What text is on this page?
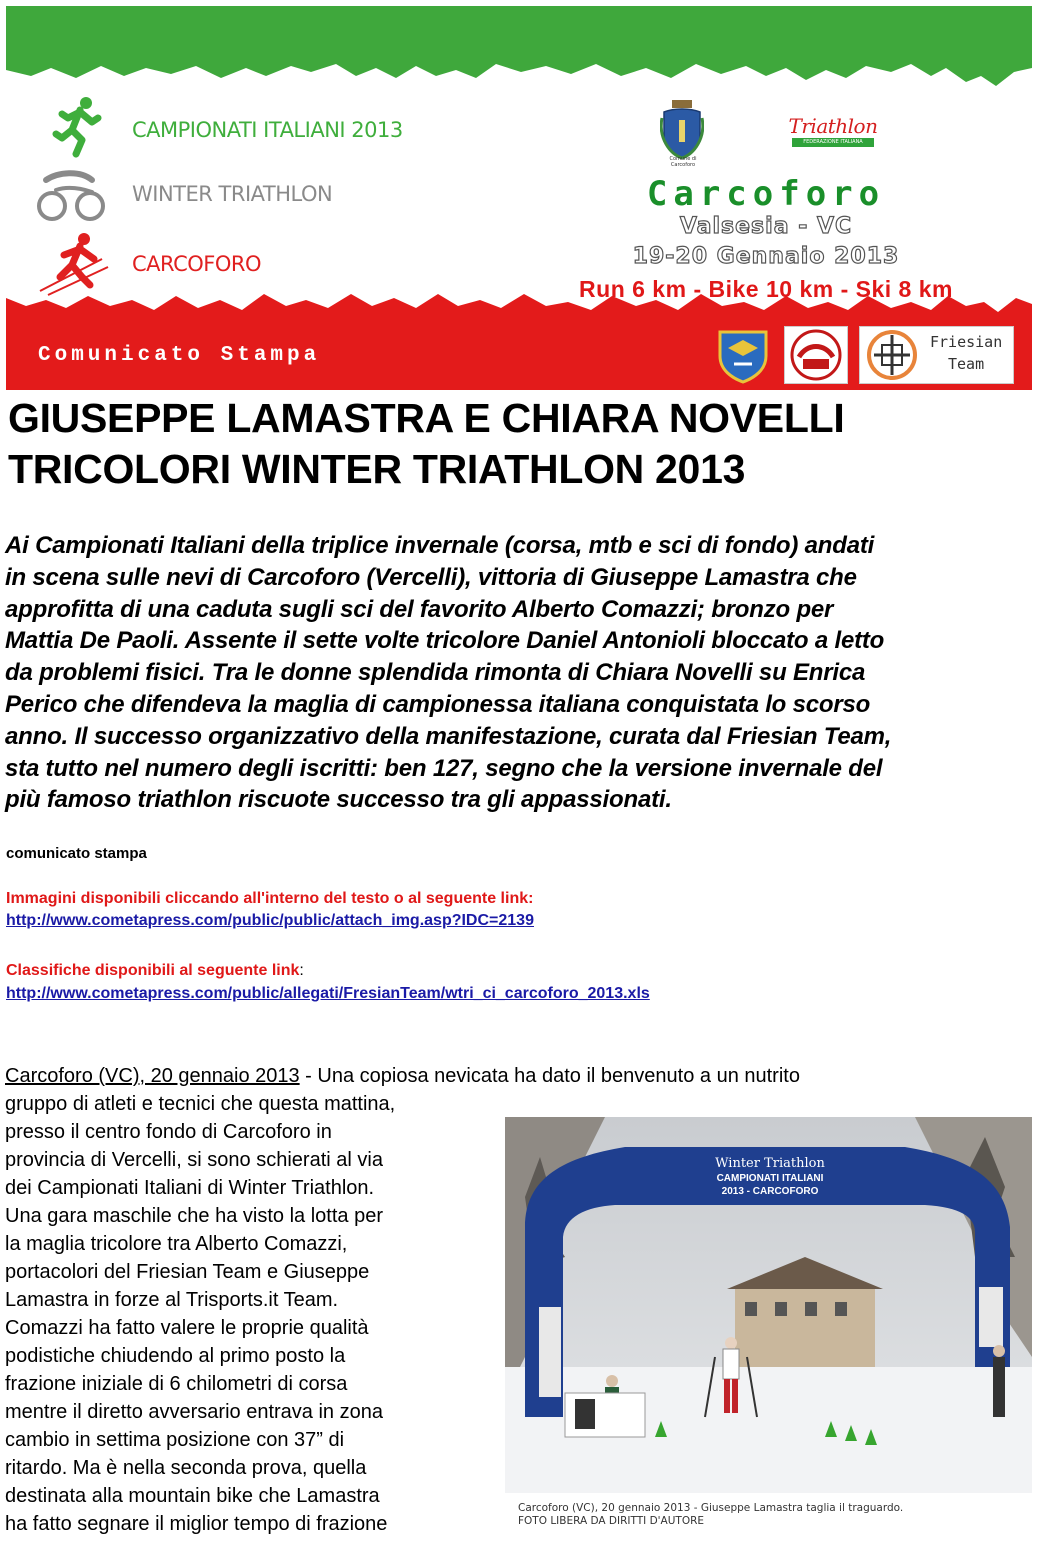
CAMPIONATI ITALIANI 2013
WINTER TRIATHLON
CARCOFORO
Comune di Carcoforo
Triathlon
FEDERAZIONE ITALIANA
Carcoforo
Valsesia - VC
19-20 Gennaio 2013
Run 6 km - Bike 10 km - Ski 8 km
Comunicato Stampa
Friesian
Team
GIUSEPPE LAMASTRA E CHIARA NOVELLI
TRICOLORI WINTER TRIATHLON 2013
Ai Campionati Italiani della triplice invernale (corsa, mtb e sci di fondo) andati
in scena sulle nevi di Carcoforo (Vercelli), vittoria di Giuseppe Lamastra che
approfitta di una caduta sugli sci del favorito Alberto Comazzi; bronzo per
Mattia De Paoli. Assente il sette volte tricolore Daniel Antonioli bloccato a letto
da problemi fisici. Tra le donne splendida rimonta di Chiara Novelli su Enrica
Perico che difendeva la maglia di campionessa italiana conquistata lo scorso
anno. Il successo organizzativo della manifestazione, curata dal Friesian Team,
sta tutto nel numero degli iscritti: ben 127, segno che la versione invernale del
più famoso triathlon riscuote successo tra gli appassionati.
comunicato stampa
Immagini disponibili cliccando all'interno del testo o al seguente link:
http://www.cometapress.com/public/public/attach_img.asp?IDC=2139
Classifiche disponibili al seguente link:
http://www.cometapress.com/public/allegati/FresianTeam/wtri_ci_carcoforo_2013.xls
Carcoforo (VC), 20 gennaio 2013 - Una copiosa nevicata ha dato il benvenuto a un nutrito
gruppo di atleti e tecnici che questa mattina,
presso il centro fondo di Carcoforo in
provincia di Vercelli, si sono schierati al via
dei Campionati Italiani di Winter Triathlon.
Una gara maschile che ha visto la lotta per
la maglia tricolore tra Alberto Comazzi,
portacolori del Friesian Team e Giuseppe
Lamastra in forze al Trisports.it Team.
Comazzi ha fatto valere le proprie qualità
podistiche chiudendo al primo posto la
frazione iniziale di 6 chilometri di corsa
mentre il diretto avversario entrava in zona
cambio in settima posizione con 37” di
ritardo. Ma è nella seconda prova, quella
destinata alla mountain bike che Lamastra
ha fatto segnare il miglior tempo di frazione
Winter Triathlon
CAMPIONATI ITALIANI
2013 - CARCOFORO
Carcoforo (VC), 20 gennaio 2013 - Giuseppe Lamastra taglia il traguardo.
FOTO LIBERA DA DIRITTI D'AUTORE
